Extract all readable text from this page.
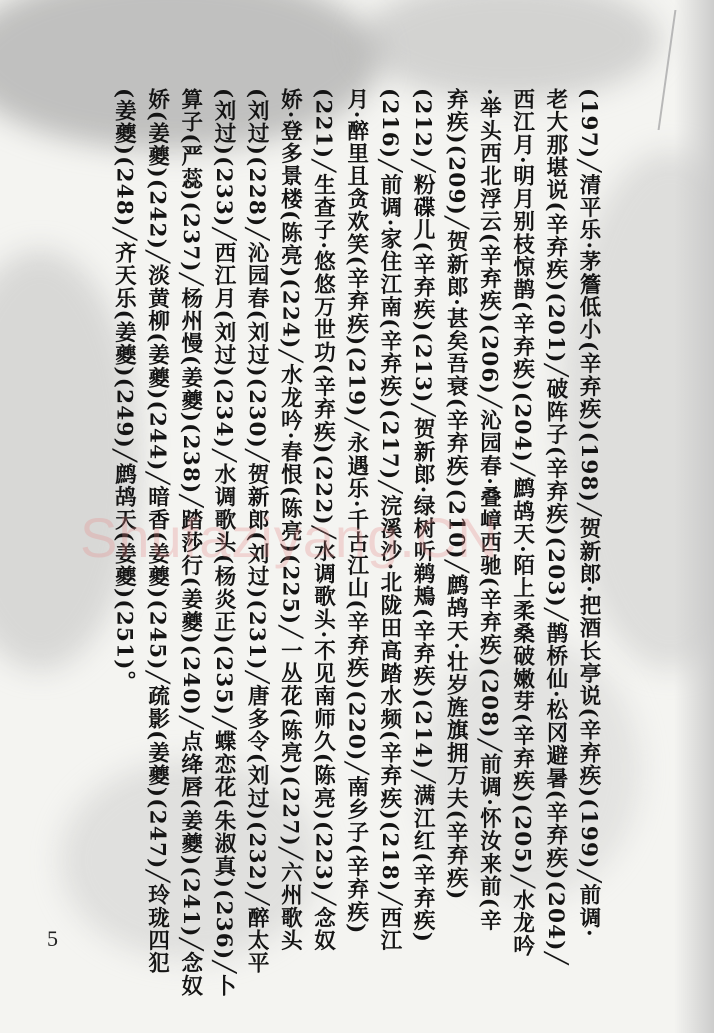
(197)╱清平乐·茅簷低小(辛弃疾)(198)╱贺新郎·把酒长亭说(辛弃疾)(199)╱前调·
老大那堪说(辛弃疾)(201)╱破阵子(辛弃疾)(203)╱鹊桥仙·松冈避暑(辛弃疾)(204)╱
西江月·明月别枝惊鹊(辛弃疾)(204)╱鹧鸪天·陌上柔桑破嫩芽(辛弃疾)(205)╱水龙吟
·举头西北浮云(辛弃疾)(206)╱沁园春·叠嶂西驰(辛弃疾)(208)╱前调·怀汝来前(辛
弃疾)(209)╱贺新郎·甚矣吾衰(辛弃疾)(210)╱鹧鸪天·壮岁旌旗拥万夫(辛弃疾)
(212)╱粉碟儿(辛弃疾)(213)╱贺新郎·绿树听鹈鴂(辛弃疾)(214)╱满江红(辛弃疾)
(216)╱前调·家住江南(辛弃疾)(217)╱浣溪沙·北陇田高踏水频(辛弃疾)(218)╱西江
月·醉里且贪欢笑(辛弃疾)(219)╱永遇乐·千古江山(辛弃疾)(220)╱南乡子(辛弃疾)
(221)╱生查子·悠悠万世功(辛弃疾)(222)╱水调歌头·不见南师久(陈亮)(223)╱念奴
娇·登多景楼(陈亮)(224)╱水龙吟·春恨(陈亮)(225)╱一丛花(陈亮)(227)╱六州歌头
(刘过)(228)╱沁园春(刘过)(230)╱贺新郎(刘过)(231)╱唐多令(刘过)(232)╱醉太平
(刘过)(233)╱西江月(刘过)(234)╱水调歌头(杨炎正)(235)╱蝶恋花(朱淑真)(236)╱卜
算子(严蕊)(237)╱杨州慢(姜夔)(238)╱踏莎行(姜夔)(240)╱点绛唇(姜夔)(241)╱念奴
娇(姜夔)(242)╱淡黄柳(姜夔)(244)╱暗香(姜夔)(245)╱疏影(姜夔)(247)╱玲珑四犯
(姜夔)(248)╱齐天乐(姜夔)(249)╱鹧鸪天(姜夔)(251)。
Shufaziyang.CN
5
